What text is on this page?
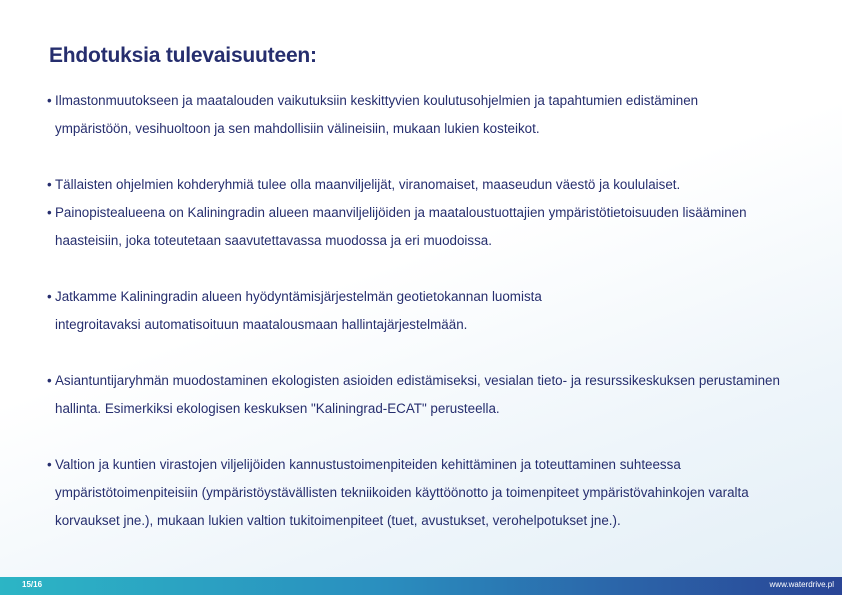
Ehdotuksia tulevaisuuteen:
• Ilmastonmuutokseen ja maatalouden vaikutuksiin keskittyvien koulutusohjelmien ja tapahtumien edistäminen
ympäristöön, vesihuoltoon ja sen mahdollisiin välineisiin, mukaan lukien kosteikot.
• Tällaisten ohjelmien kohderyhmiä tulee olla maanviljelijät, viranomaiset, maaseudun väestö ja koululaiset.
• Painopistealueena on Kaliningradin alueen maanviljelijöiden ja maataloustuottajien ympäristötietoisuuden lisääminen
haasteisiin, joka toteutetaan saavutettavassa muodossa ja eri muodoissa.
• Jatkamme Kaliningradin alueen hyödyntämisjärjestelmän geotietokannan luomista
integroitavaksi automatisoituun maatalousmaan hallintajärjestelmään.
• Asiantuntijaryhmän muodostaminen ekologisten asioiden edistämiseksi, vesialan tieto- ja resurssikeskuksen perustaminen
hallinta. Esimerkiksi ekologisen keskuksen "Kaliningrad-ECAT" perusteella.
• Valtion ja kuntien virastojen viljelijöiden kannustustoimenpiteiden kehittäminen ja toteuttaminen suhteessa
ympäristötoimenpiteisiin (ympäristöystävällisten tekniikoiden käyttöönotto ja toimenpiteet ympäristövahinkojen varalta
korvaukset jne.), mukaan lukien valtion tukitoimenpiteet (tuet, avustukset, verohelpotukset jne.).
15/16	www.waterdrive.pl
